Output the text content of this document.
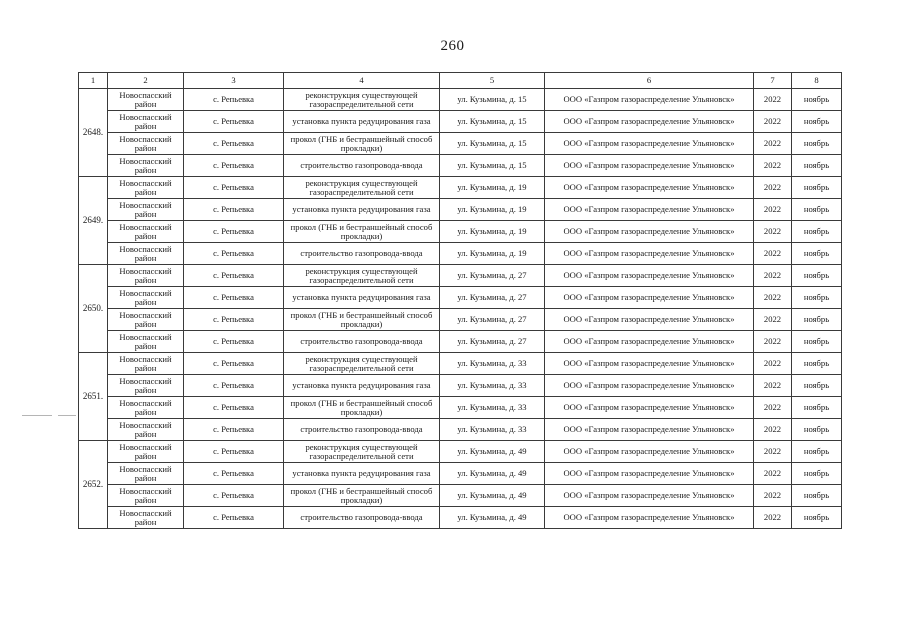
260
1	2	3	4	5	6	7	8
2648.	Новоспасский район	с. Репьевка	реконструкция существующей газораспределительной сети	ул. Кузьмина, д. 15	ООО «Газпром газораспределение Ульяновск»	2022	ноябрь
	Новоспасский район	с. Репьевка	установка пункта редуцирования газа	ул. Кузьмина, д. 15	ООО «Газпром газораспределение Ульяновск»	2022	ноябрь
	Новоспасский район	с. Репьевка	прокол (ГНБ и бестраншейный способ прокладки)	ул. Кузьмина, д. 15	ООО «Газпром газораспределение Ульяновск»	2022	ноябрь
	Новоспасский район	с. Репьевка	строительство газопровода-ввода	ул. Кузьмина, д. 15	ООО «Газпром газораспределение Ульяновск»	2022	ноябрь
2649.	Новоспасский район	с. Репьевка	реконструкция существующей газораспределительной сети	ул. Кузьмина, д. 19	ООО «Газпром газораспределение Ульяновск»	2022	ноябрь
	Новоспасский район	с. Репьевка	установка пункта редуцирования газа	ул. Кузьмина, д. 19	ООО «Газпром газораспределение Ульяновск»	2022	ноябрь
	Новоспасский район	с. Репьевка	прокол (ГНБ и бестраншейный способ прокладки)	ул. Кузьмина, д. 19	ООО «Газпром газораспределение Ульяновск»	2022	ноябрь
	Новоспасский район	с. Репьевка	строительство газопровода-ввода	ул. Кузьмина, д. 19	ООО «Газпром газораспределение Ульяновск»	2022	ноябрь
2650.	Новоспасский район	с. Репьевка	реконструкция существующей газораспределительной сети	ул. Кузьмина, д. 27	ООО «Газпром газораспределение Ульяновск»	2022	ноябрь
	Новоспасский район	с. Репьевка	установка пункта редуцирования газа	ул. Кузьмина, д. 27	ООО «Газпром газораспределение Ульяновск»	2022	ноябрь
	Новоспасский район	с. Репьевка	прокол (ГНБ и бестраншейный способ прокладки)	ул. Кузьмина, д. 27	ООО «Газпром газораспределение Ульяновск»	2022	ноябрь
	Новоспасский район	с. Репьевка	строительство газопровода-ввода	ул. Кузьмина, д. 27	ООО «Газпром газораспределение Ульяновск»	2022	ноябрь
2651.	Новоспасский район	с. Репьевка	реконструкция существующей газораспределительной сети	ул. Кузьмина, д. 33	ООО «Газпром газораспределение Ульяновск»	2022	ноябрь
	Новоспасский район	с. Репьевка	установка пункта редуцирования газа	ул. Кузьмина, д. 33	ООО «Газпром газораспределение Ульяновск»	2022	ноябрь
	Новоспасский район	с. Репьевка	прокол (ГНБ и бестраншейный способ прокладки)	ул. Кузьмина, д. 33	ООО «Газпром газораспределение Ульяновск»	2022	ноябрь
	Новоспасский район	с. Репьевка	строительство газопровода-ввода	ул. Кузьмина, д. 33	ООО «Газпром газораспределение Ульяновск»	2022	ноябрь
2652.	Новоспасский район	с. Репьевка	реконструкция существующей газораспределительной сети	ул. Кузьмина, д. 49	ООО «Газпром газораспределение Ульяновск»	2022	ноябрь
	Новоспасский район	с. Репьевка	установка пункта редуцирования газа	ул. Кузьмина, д. 49	ООО «Газпром газораспределение Ульяновск»	2022	ноябрь
	Новоспасский район	с. Репьевка	прокол (ГНБ и бестраншейный способ прокладки)	ул. Кузьмина, д. 49	ООО «Газпром газораспределение Ульяновск»	2022	ноябрь
	Новоспасский район	с. Репьевка	строительство газопровода-ввода	ул. Кузьмина, д. 49	ООО «Газпром газораспределение Ульяновск»	2022	ноябрь
